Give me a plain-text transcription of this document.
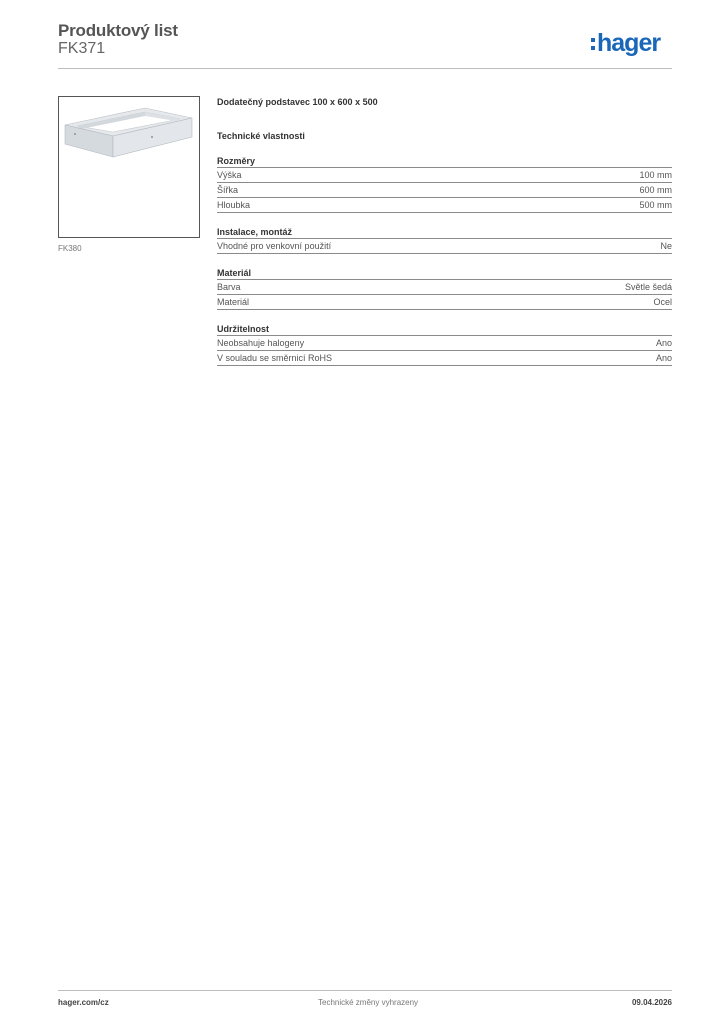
Produktový list
FK371	hager
FK380
Dodatečný podstavec 100 x 600 x 500
Technické vlastnosti
Rozměry
Výška	100 mm
Šířka	600 mm
Hloubka	500 mm
Instalace, montáž
Vhodné pro venkovní použití	Ne
Materiál
Barva	Světle šedá
Materiál	Ocel
Udržitelnost
Neobsahuje halogeny	Ano
V souladu se směrnicí RoHS	Ano
hager.com/cz	Technické změny vyhrazeny	09.04.2026
